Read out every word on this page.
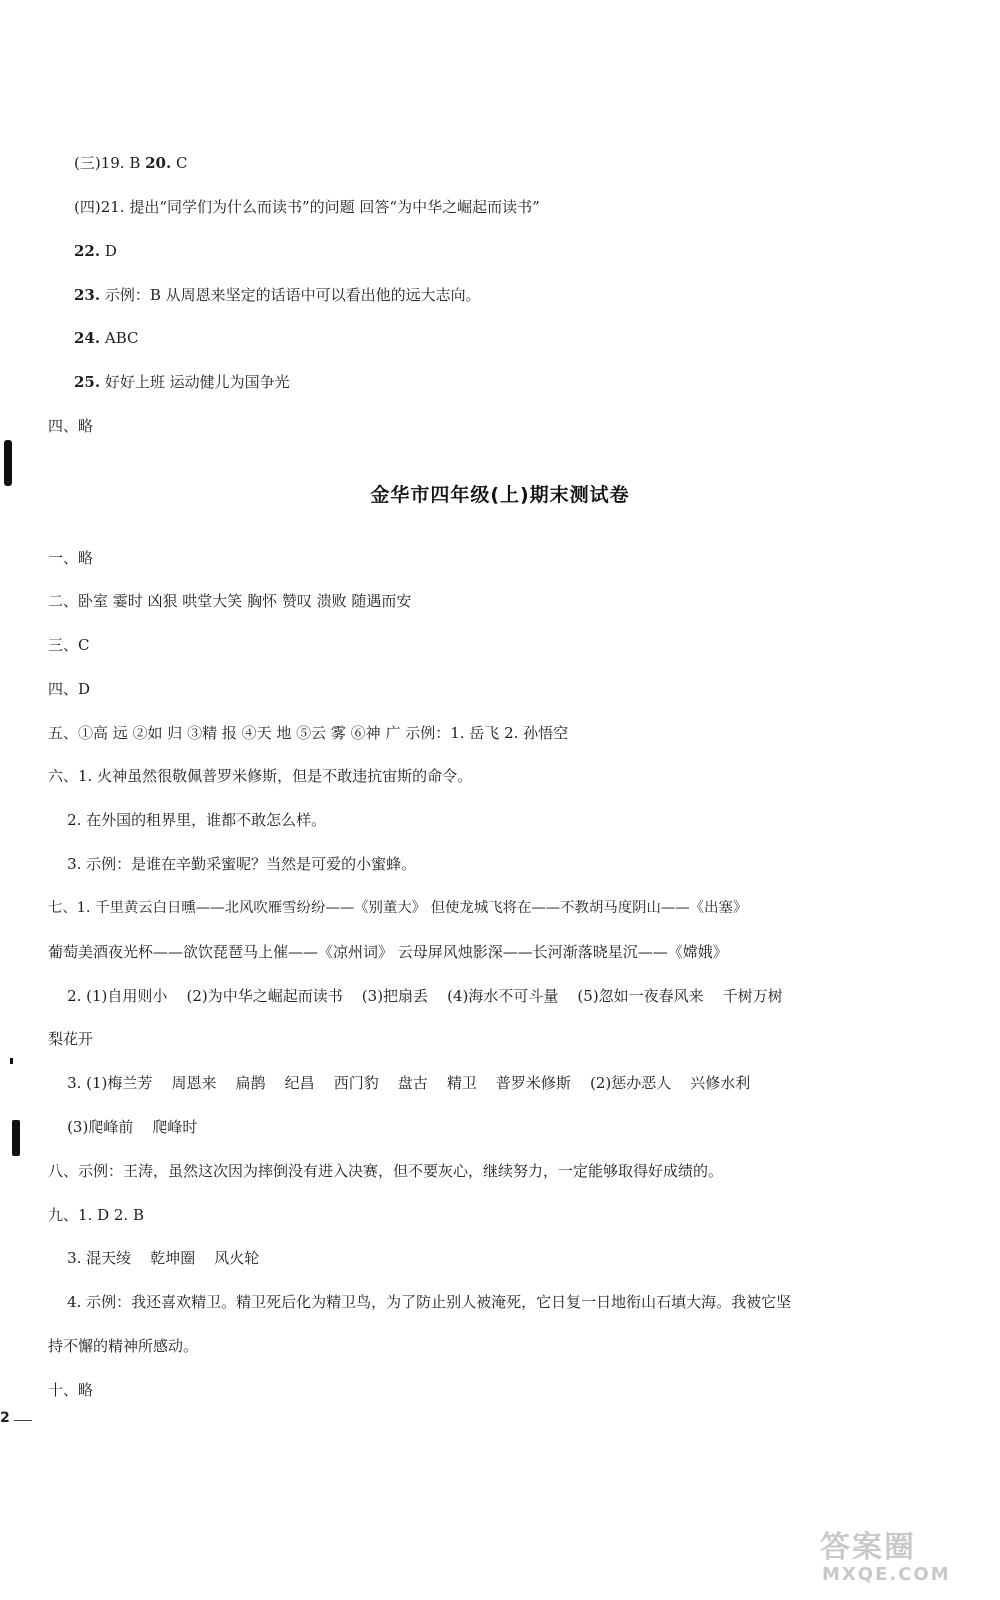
(三)19. B 20. C
(四)21. 提出“同学们为什么而读书”的问题 回答“为中华之崛起而读书”
22. D
23. 示例：B 从周恩来坚定的话语中可以看出他的远大志向。
24. ABC
25. 好好上班 运动健儿为国争光
四、略
金华市四年级(上)期末测试卷
一、略
二、卧室 霎时 凶狠 哄堂大笑 胸怀 赞叹 溃败 随遇而安
三、C
四、D
五、①高 远 ②如 归 ③精 报 ④天 地 ⑤云 雾 ⑥神 广 示例：1. 岳飞 2. 孙悟空
六、1. 火神虽然很敬佩普罗米修斯，但是不敢违抗宙斯的命令。
2. 在外国的租界里，谁都不敢怎么样。
3. 示例：是谁在辛勤采蜜呢？当然是可爱的小蜜蜂。
七、1. 千里黄云白日曛——北风吹雁雪纷纷——《别董大》 但使龙城飞将在——不教胡马度阴山——《出塞》
葡萄美酒夜光杯——欲饮琵琶马上催——《凉州词》 云母屏风烛影深——长河渐落晓星沉——《嫦娥》
2. (1)自用则小    (2)为中华之崛起而读书    (3)把扇丢    (4)海水不可斗量    (5)忽如一夜春风来    千树万树
梨花开
3. (1)梅兰芳    周恩来    扁鹊    纪昌    西门豹    盘古    精卫    普罗米修斯    (2)惩办恶人    兴修水利
(3)爬峰前    爬峰时
八、示例：王涛，虽然这次因为摔倒没有进入决赛，但不要灰心，继续努力，一定能够取得好成绩的。
九、1. D 2. B
3. 混天绫    乾坤圈    风火轮
4. 示例：我还喜欢精卫。精卫死后化为精卫鸟，为了防止别人被淹死，它日复一日地衔山石填大海。我被它坚
持不懈的精神所感动。
十、略
2
答案圈
MXQE.COM
